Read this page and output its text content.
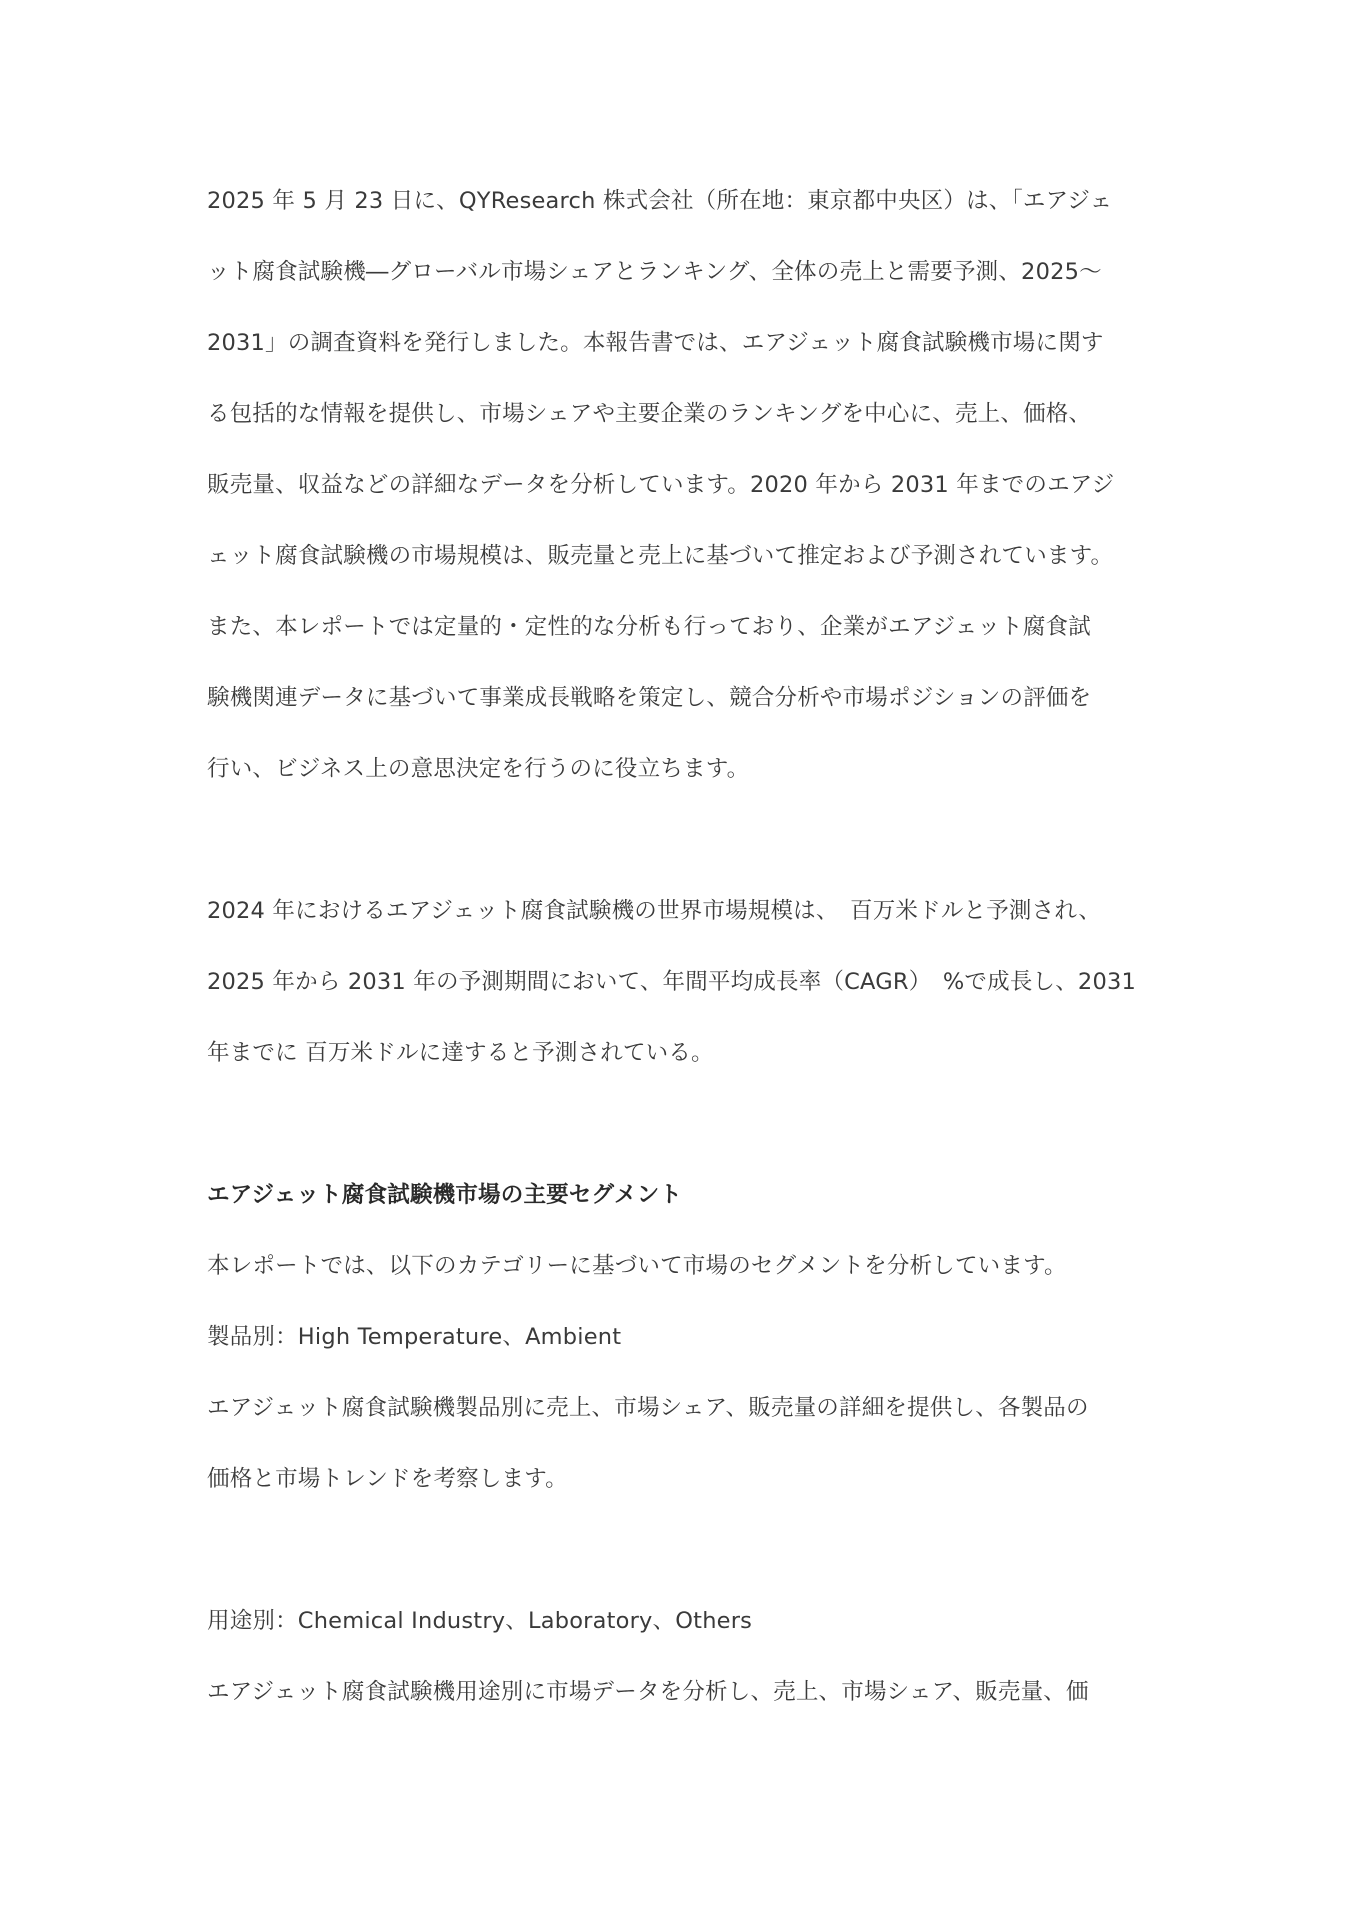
2025 年 5 月 23 日に、QYResearch 株式会社（所在地：東京都中央区）は、「エアジェ
ット腐食試験機―グローバル市場シェアとランキング、全体の売上と需要予測、2025～
2031」の調査資料を発行しました。本報告書では、エアジェット腐食試験機市場に関す
る包括的な情報を提供し、市場シェアや主要企業のランキングを中心に、売上、価格、
販売量、収益などの詳細なデータを分析しています。2020 年から 2031 年までのエアジ
ェット腐食試験機の市場規模は、販売量と売上に基づいて推定および予測されています。
また、本レポートでは定量的・定性的な分析も行っており、企業がエアジェット腐食試
験機関連データに基づいて事業成長戦略を策定し、競合分析や市場ポジションの評価を
行い、ビジネス上の意思決定を行うのに役立ちます。
2024 年におけるエアジェット腐食試験機の世界市場規模は、　百万米ドルと予測され、
2025 年から 2031 年の予測期間において、年間平均成長率（CAGR）　%で成長し、2031
年までに 百万米ドルに達すると予測されている。
エアジェット腐食試験機市場の主要セグメント
本レポートでは、以下のカテゴリーに基づいて市場のセグメントを分析しています。
製品別：High Temperature、Ambient
エアジェット腐食試験機製品別に売上、市場シェア、販売量の詳細を提供し、各製品の
価格と市場トレンドを考察します。
用途別：Chemical Industry、Laboratory、Others
エアジェット腐食試験機用途別に市場データを分析し、売上、市場シェア、販売量、価
